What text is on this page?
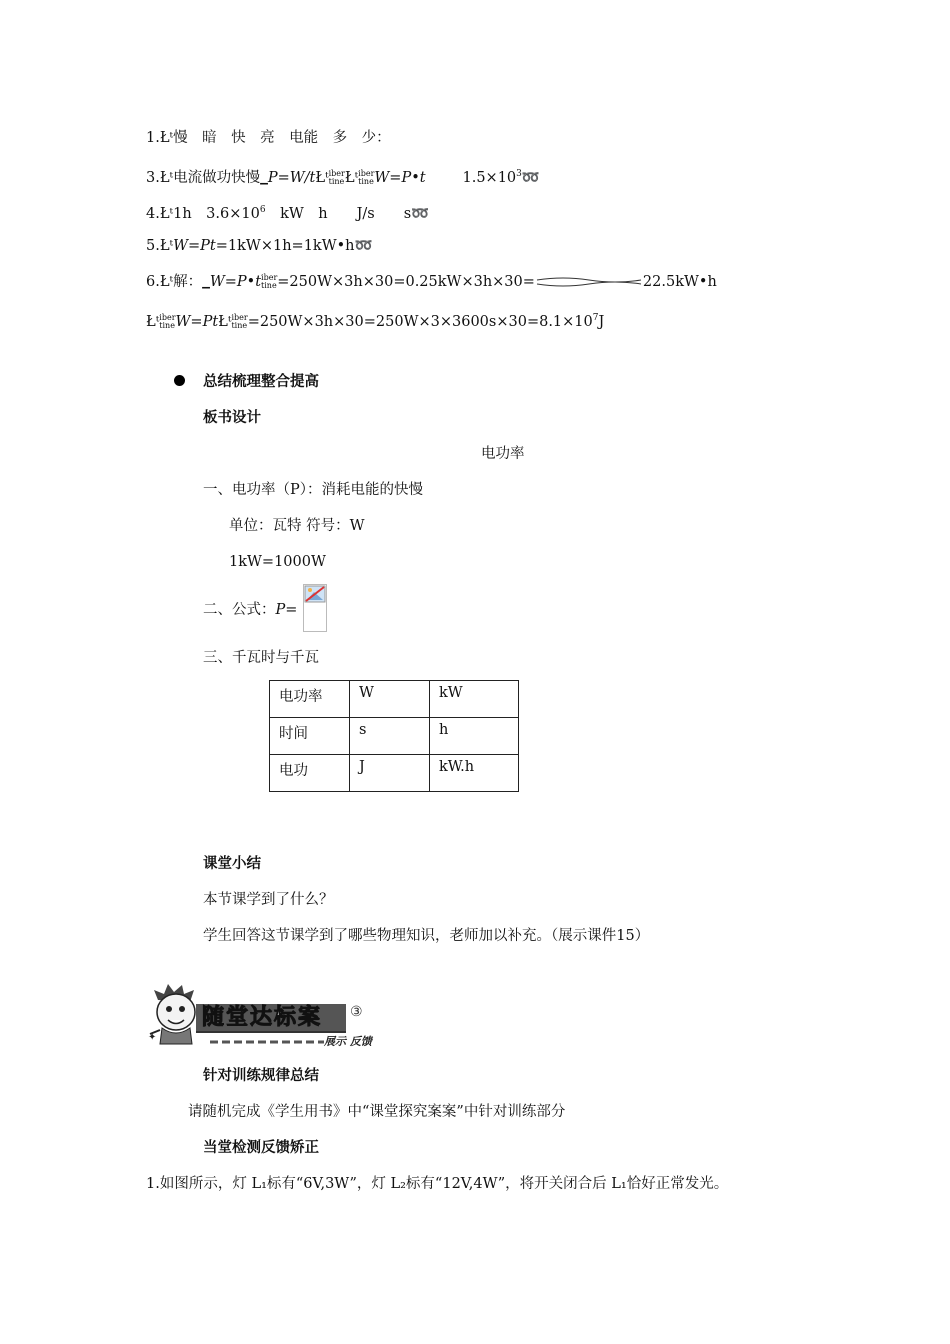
1.Łᵗ慢　暗　快　亮　电能　多　少：
3.Łᵗ电流做功快慢▁P=W/tŁᵗiber
tineŁᵗiber
tineW=P•t	$1.5\times 10^3➿$
4.Łᵗ1h　$3.6\times 10^6$　kW　h　　J/s　　s➿
5.ŁᵗW=Pt=1kW×1h=1kW•h➿
6.Łᵗ解：▁W=P•tiber
tine=250W×3h×30=0.25kW×3h×30=	22.5kW•h
Łᵗiber
tineW=PtŁᵗiber
$tine=250W\times 3h\times 30=250W\times 3\times 3600s\times 30=8.1\times 10^7J$
总结梳理整合提高
板书设计
电功率
一、电功率（P）：消耗电能的快慢
单位：瓦特 符号：W
1kW=1000W
二、公式：P=
三、千瓦时与千瓦
电功率	W	kW
时间	s	h
电功	J	kW.h
课堂小结
本节课学到了什么？
学生回答这节课学到了哪些物理知识，老师加以补充。（展示课件15）
✦
随堂达标案 ③
展示 反馈
针对训练规律总结
请随机完成《学生用书》中“课堂探究案案”中针对训练部分
当堂检测反馈矫正
1.如图所示，灯 L₁标有“6V,3W”，灯 L₂标有“12V,4W”，将开关闭合后 L₁恰好正常发光。
